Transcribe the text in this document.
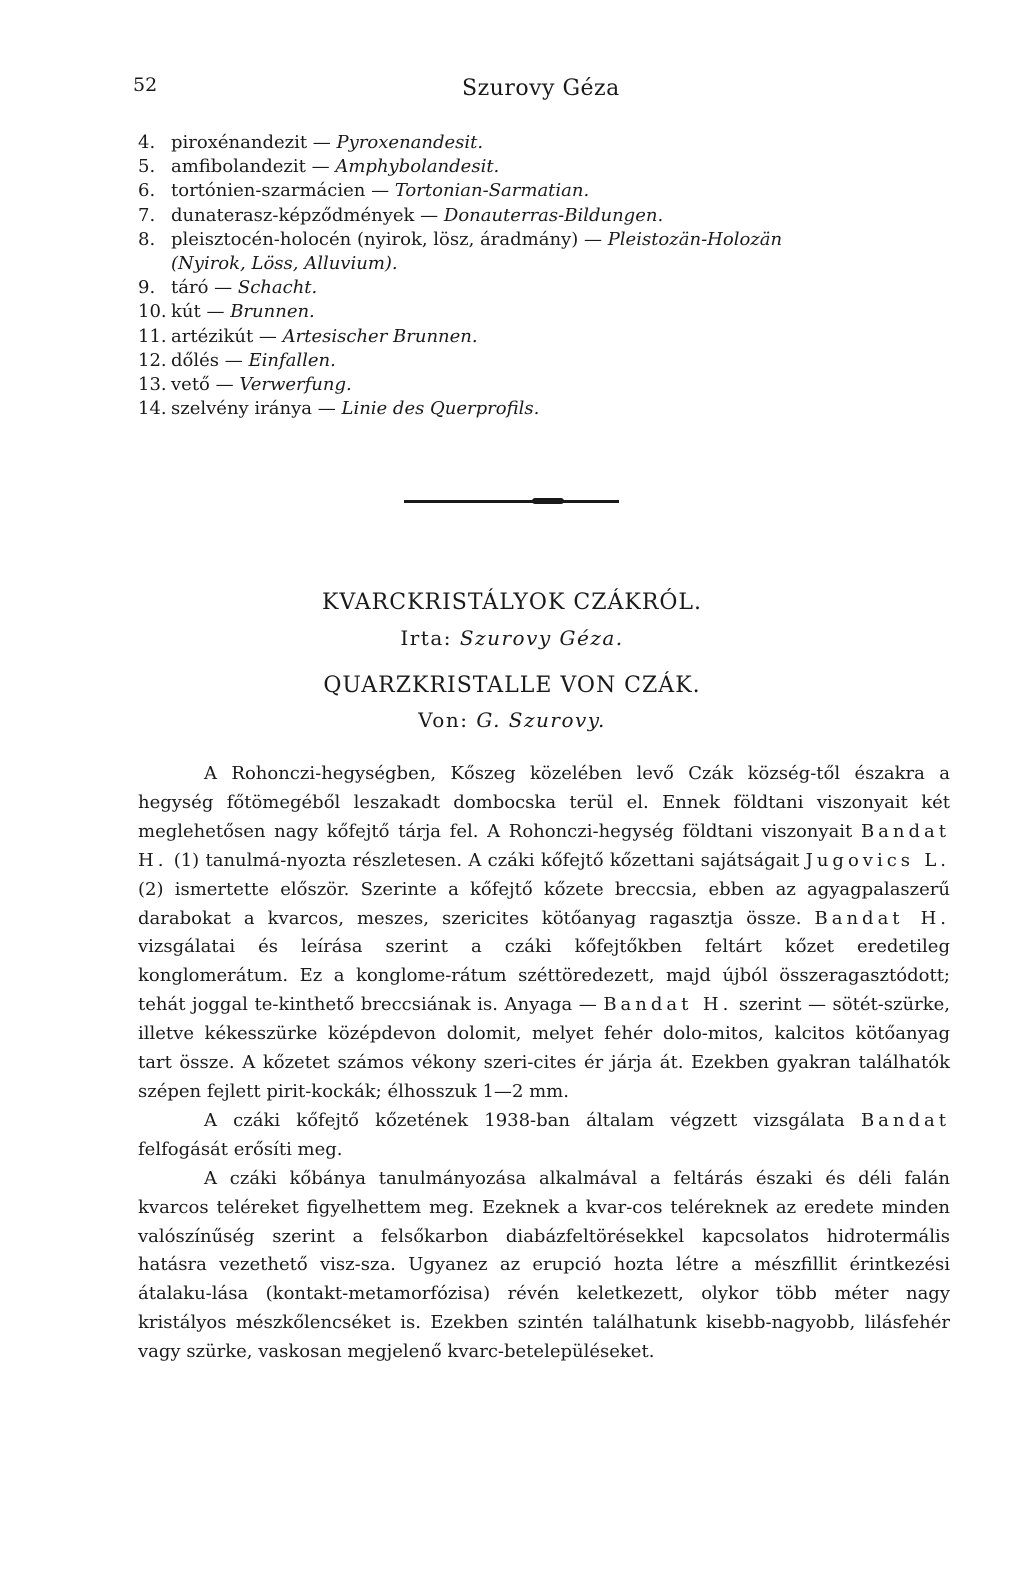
52	Szurovy Géza
4. piroxénandezit — Pyroxenandesit.
5. amfibolandezit — Amphybolandesit.
6. tortónien-szarmácien — Tortonian-Sarmatian.
7. dunaterasz-képződmények — Donauterras-Bildungen.
8. pleisztocén-holocén (nyirok, lösz, áradmány) — Pleistozän-Holozän
(Nyirok, Löss, Alluvium).
9. táró — Schacht.
10. kút — Brunnen.
11. artézikút — Artesischer Brunnen.
12. dőlés — Einfallen.
13. vető — Verwerfung.
14. szelvény iránya — Linie des Querprofils.
KVARCKRISTÁLYOK CZÁKRÓL.
Irta: Szurovy Géza.
QUARZKRISTALLE VON CZÁK.
Von: G. Szurovy.

A Rohonczi-hegységben, Kőszeg közelében levő Czák község-től északra a hegység főtömegéből leszakadt dombocska terül el. Ennek földtani viszonyait két meglehetősen nagy kőfejtő tárja fel. A Rohonczi-hegység földtani viszonyait Bandat H. (1) tanulmá-nyozta részletesen. A czáki kőfejtő kőzettani sajátságait Jugovics L. (2) ismertette először. Szerinte a kőfejtő kőzete breccsia, ebben az agyagpalaszerű darabokat a kvarcos, meszes, szericites kötőanyag ragasztja össze. Bandat H. vizsgálatai és leírása szerint a czáki kőfejtőkben feltárt kőzet eredetileg konglomerátum. Ez a konglome-rátum széttöredezett, majd újból összeragasztódott; tehát joggal te-kinthető breccsiának is. Anyaga — Bandat H. szerint — sötét-szürke, illetve kékesszürke középdevon dolomit, melyet fehér dolo-mitos, kalcitos kötőanyag tart össze. A kőzetet számos vékony szeri-cites ér járja át. Ezekben gyakran találhatók szépen fejlett pirit-kockák; élhosszuk 1—2 mm.

A czáki kőfejtő kőzetének 1938-ban általam végzett vizsgálata Bandat felfogását erősíti meg.

A czáki kőbánya tanulmányozása alkalmával a feltárás északi és déli falán kvarcos teléreket figyelhettem meg. Ezeknek a kvar-cos teléreknek az eredete minden valószínűség szerint a felsőkarbon diabázfeltörésekkel kapcsolatos hidrotermális hatásra vezethető visz-sza. Ugyanez az erupció hozta létre a mészfillit érintkezési átalaku-lása (kontakt-metamorfózisa) révén keletkezett, olykor több méter nagy kristályos mészkőlencséket is. Ezekben szintén találhatunk kisebb-nagyobb, lilásfehér vagy szürke, vaskosan megjelenő kvarc-betelepüléseket.
